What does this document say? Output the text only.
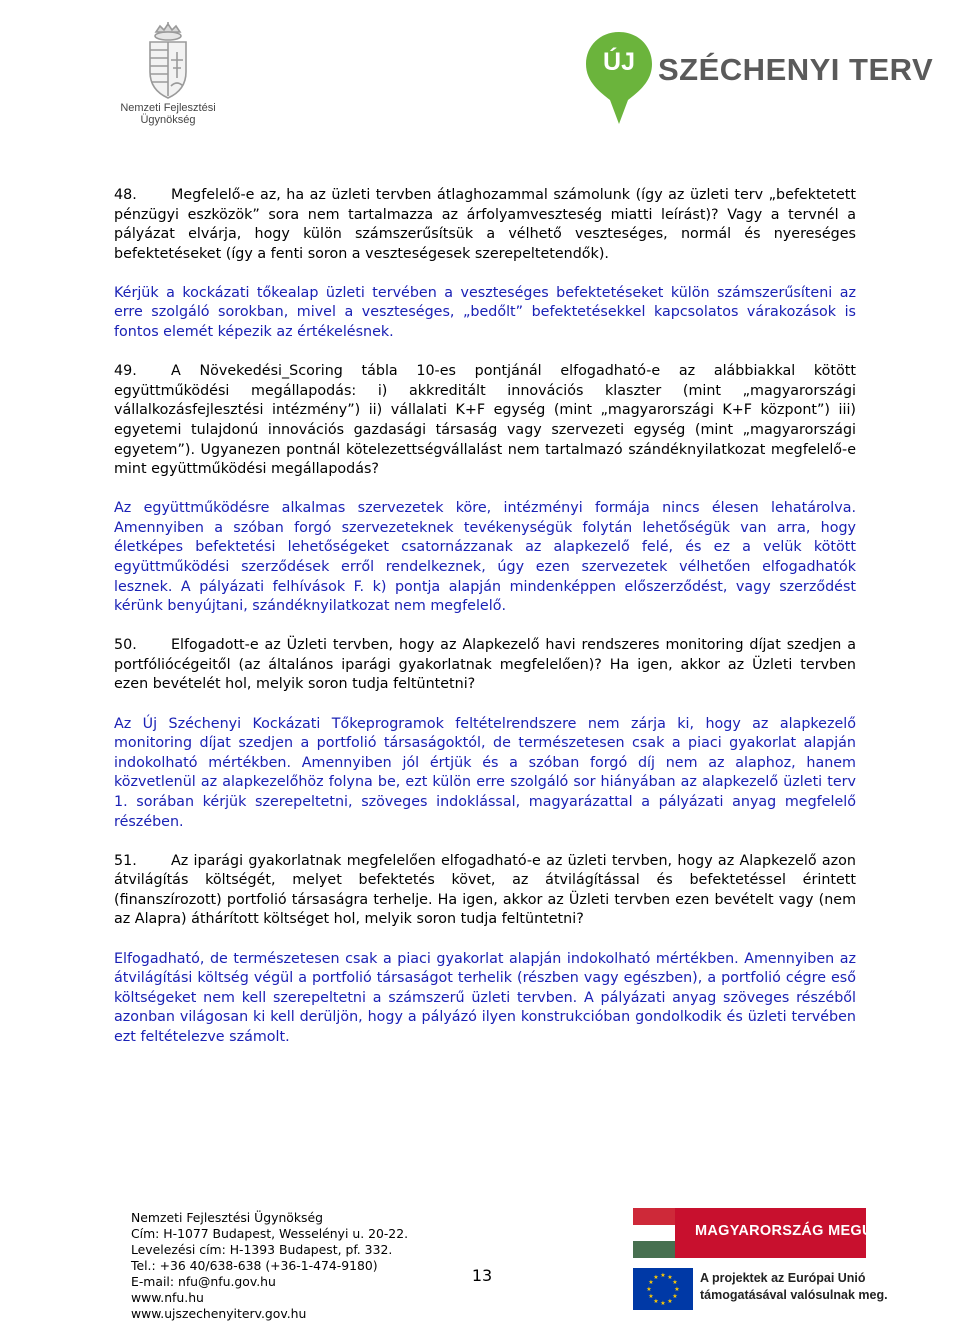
Nemzeti Fejlesztési Ügynökség
ÚJ SZÉCHENYI TERV

48. Megfelelő-e az, ha az üzleti tervben átlaghozammal számolunk (így az üzleti terv „befektetett pénzügyi eszközök” sora nem tartalmazza az árfolyamveszteség miatti leírást)? Vagy a tervnél a pályázat elvárja, hogy külön számszerűsítsük a vélhető veszteséges, normál és nyereséges befektetéseket (így a fenti soron a veszteségesek szerepeltetendők).

Kérjük a kockázati tőkealap üzleti tervében a veszteséges befektetéseket külön számszerűsíteni az erre szolgáló sorokban, mivel a veszteséges, „bedőlt” befektetésekkel kapcsolatos várakozások is fontos elemét képezik az értékelésnek.

49. A Növekedési_Scoring tábla 10-es pontjánál elfogadható-e az alábbiakkal kötött együttműködési megállapodás: i) akkreditált innovációs klaszter (mint „magyarországi vállalkozásfejlesztési intézmény”) ii) vállalati K+F egység (mint „magyarországi K+F központ”) iii) egyetemi tulajdonú innovációs gazdasági társaság vagy szervezeti egység (mint „magyarországi egyetem”). Ugyanezen pontnál kötelezettségvállalást nem tartalmazó szándéknyilatkozat megfelelő-e mint együttműködési megállapodás?

Az együttműködésre alkalmas szervezetek köre, intézményi formája nincs élesen lehatárolva. Amennyiben a szóban forgó szervezeteknek tevékenységük folytán lehetőségük van arra, hogy életképes befektetési lehetőségeket csatornázzanak az alapkezelő felé, és ez a velük kötött együttműködési szerződések erről rendelkeznek, úgy ezen szervezetek vélhetően elfogadhatók lesznek. A pályázati felhívások F. k) pontja alapján mindenképpen előszerződést, vagy szerződést kérünk benyújtani, szándéknyilatkozat nem megfelelő.

50. Elfogadott-e az Üzleti tervben, hogy az Alapkezelő havi rendszeres monitoring díjat szedjen a portfóliócégeitől (az általános iparági gyakorlatnak megfelelően)? Ha igen, akkor az Üzleti tervben ezen bevételét hol, melyik soron tudja feltüntetni?

Az Új Széchenyi Kockázati Tőkeprogramok feltételrendszere nem zárja ki, hogy az alapkezelő monitoring díjat szedjen a portfolió társaságoktól, de természetesen csak a piaci gyakorlat alapján indokolható mértékben. Amennyiben jól értjük és a szóban forgó díj nem az alaphoz, hanem közvetlenül az alapkezelőhöz folyna be, ezt külön erre szolgáló sor hiányában az alapkezelő üzleti terv 1. sorában kérjük szerepeltetni, szöveges indoklással, magyarázattal a pályázati anyag megfelelő részében.

51. Az iparági gyakorlatnak megfelelően elfogadható-e az üzleti tervben, hogy az Alapkezelő azon átvilágítás költségét, melyet befektetés követ, az átvilágítással és befektetéssel érintett (finanszírozott) portfolió társaságra terhelje. Ha igen, akkor az Üzleti tervben ezen bevételt vagy (nem az Alapra) áthárított költséget hol, melyik soron tudja feltüntetni?

Elfogadható, de természetesen csak a piaci gyakorlat alapján indokolható mértékben. Amennyiben az átvilágítási költség végül a portfolió társaságot terhelik (részben vagy egészben), a portfolió cégre eső költségeket nem kell szerepeltetni a számszerű üzleti tervben. A pályázati anyag szöveges részéből azonban világosan ki kell derüljön, hogy a pályázó ilyen konstrukcióban gondolkodik és üzleti tervében ezt feltételezve számolt.

Nemzeti Fejlesztési Ügynökség
Cím: H-1077 Budapest, Wesselényi u. 20-22.
Levelezési cím: H-1393 Budapest, pf. 332.
Tel.: +36 40/638-638 (+36-1-474-9180)
E-mail: nfu@nfu.gov.hu
www.nfu.hu
www.ujszechenyiterv.gov.hu
13
MAGYARORSZÁG MEGÚJUL
★ ★
★
★
★
★
★
★
★
★
★
★	A projektek az Európai Unió
támogatásával valósulnak meg.
